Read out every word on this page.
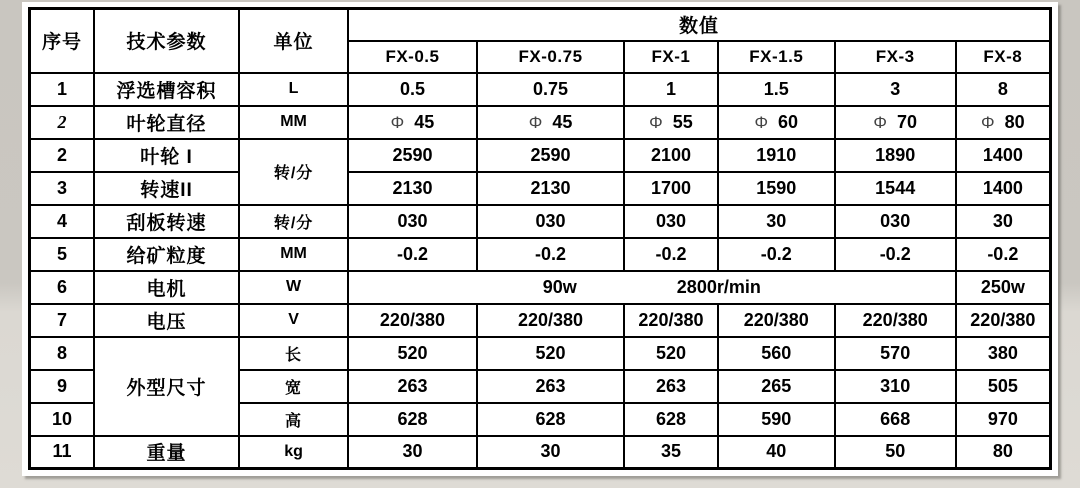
序号	技术参数	单位	数值					
			FX-0.5	FX-0.75	FX-1	FX-1.5	FX-3	FX-8
1	浮选槽容积	L	0.5	0.75	1	1.5	3	8
2	叶轮直径	MM	Φ 45	Φ 45	Φ 55	Φ 60	Φ 70	Φ 80
2	叶轮 I	转/分	2590	2590	2100	1910	1890	1400
3	转速II		2130	2130	1700	1590	1544	1400
4	刮板转速	转/分	030	030	030	30	030	30
5	给矿粒度	MM	-0.2	-0.2	-0.2	-0.2	-0.2	-0.2
6	电机	W	90w 2800r/min					250w
7	电压	V	220/380	220/380	220/380	220/380	220/380	220/380
8	外型尺寸	长	520	520	520	560	570	380
9		宽	263	263	263	265	310	505
10		高	628	628	628	590	668	970
11	重量	kg	30	30	35	40	50	80
